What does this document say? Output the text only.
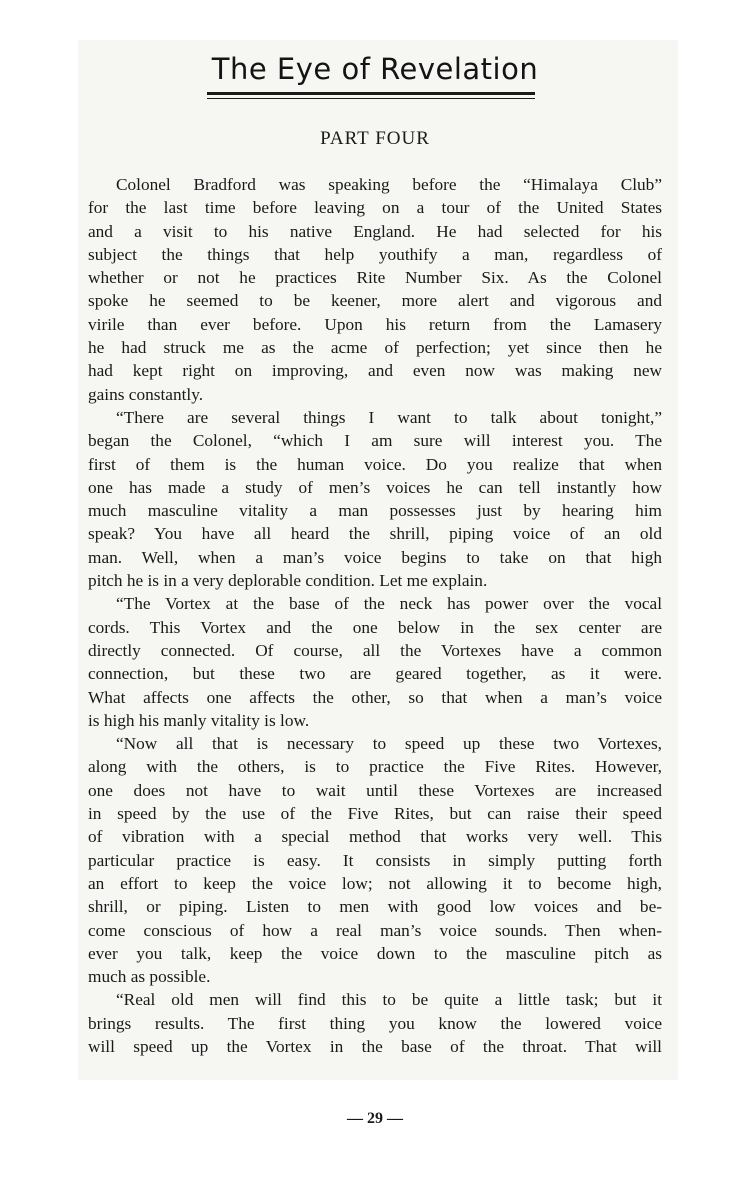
The Eye of Revelation
PART FOUR
Colonel Bradford was speaking before the “Himalaya Club”
for the last time before leaving on a tour of the United States
and a visit to his native England. He had selected for his
subject the things that help youthify a man, regardless of
whether or not he practices Rite Number Six. As the Colonel
spoke he seemed to be keener, more alert and vigorous and
virile than ever before. Upon his return from the Lamasery
he had struck me as the acme of perfection; yet since then he
had kept right on improving, and even now was making new
gains constantly.
“There are several things I want to talk about tonight,”
began the Colonel, “which I am sure will interest you. The
first of them is the human voice. Do you realize that when
one has made a study of men’s voices he can tell instantly how
much masculine vitality a man possesses just by hearing him
speak? You have all heard the shrill, piping voice of an old
man. Well, when a man’s voice begins to take on that high
pitch he is in a very deplorable condition. Let me explain.
“The Vortex at the base of the neck has power over the vocal
cords. This Vortex and the one below in the sex center are
directly connected. Of course, all the Vortexes have a common
connection, but these two are geared together, as it were.
What affects one affects the other, so that when a man’s voice
is high his manly vitality is low.
“Now all that is necessary to speed up these two Vortexes,
along with the others, is to practice the Five Rites. However,
one does not have to wait until these Vortexes are increased
in speed by the use of the Five Rites, but can raise their speed
of vibration with a special method that works very well. This
particular practice is easy. It consists in simply putting forth
an effort to keep the voice low; not allowing it to become high,
shrill, or piping. Listen to men with good low voices and be-
come conscious of how a real man’s voice sounds. Then when-
ever you talk, keep the voice down to the masculine pitch as
much as possible.
“Real old men will find this to be quite a little task; but it
brings results. The first thing you know the lowered voice
will speed up the Vortex in the base of the throat. That will
— 29 —
